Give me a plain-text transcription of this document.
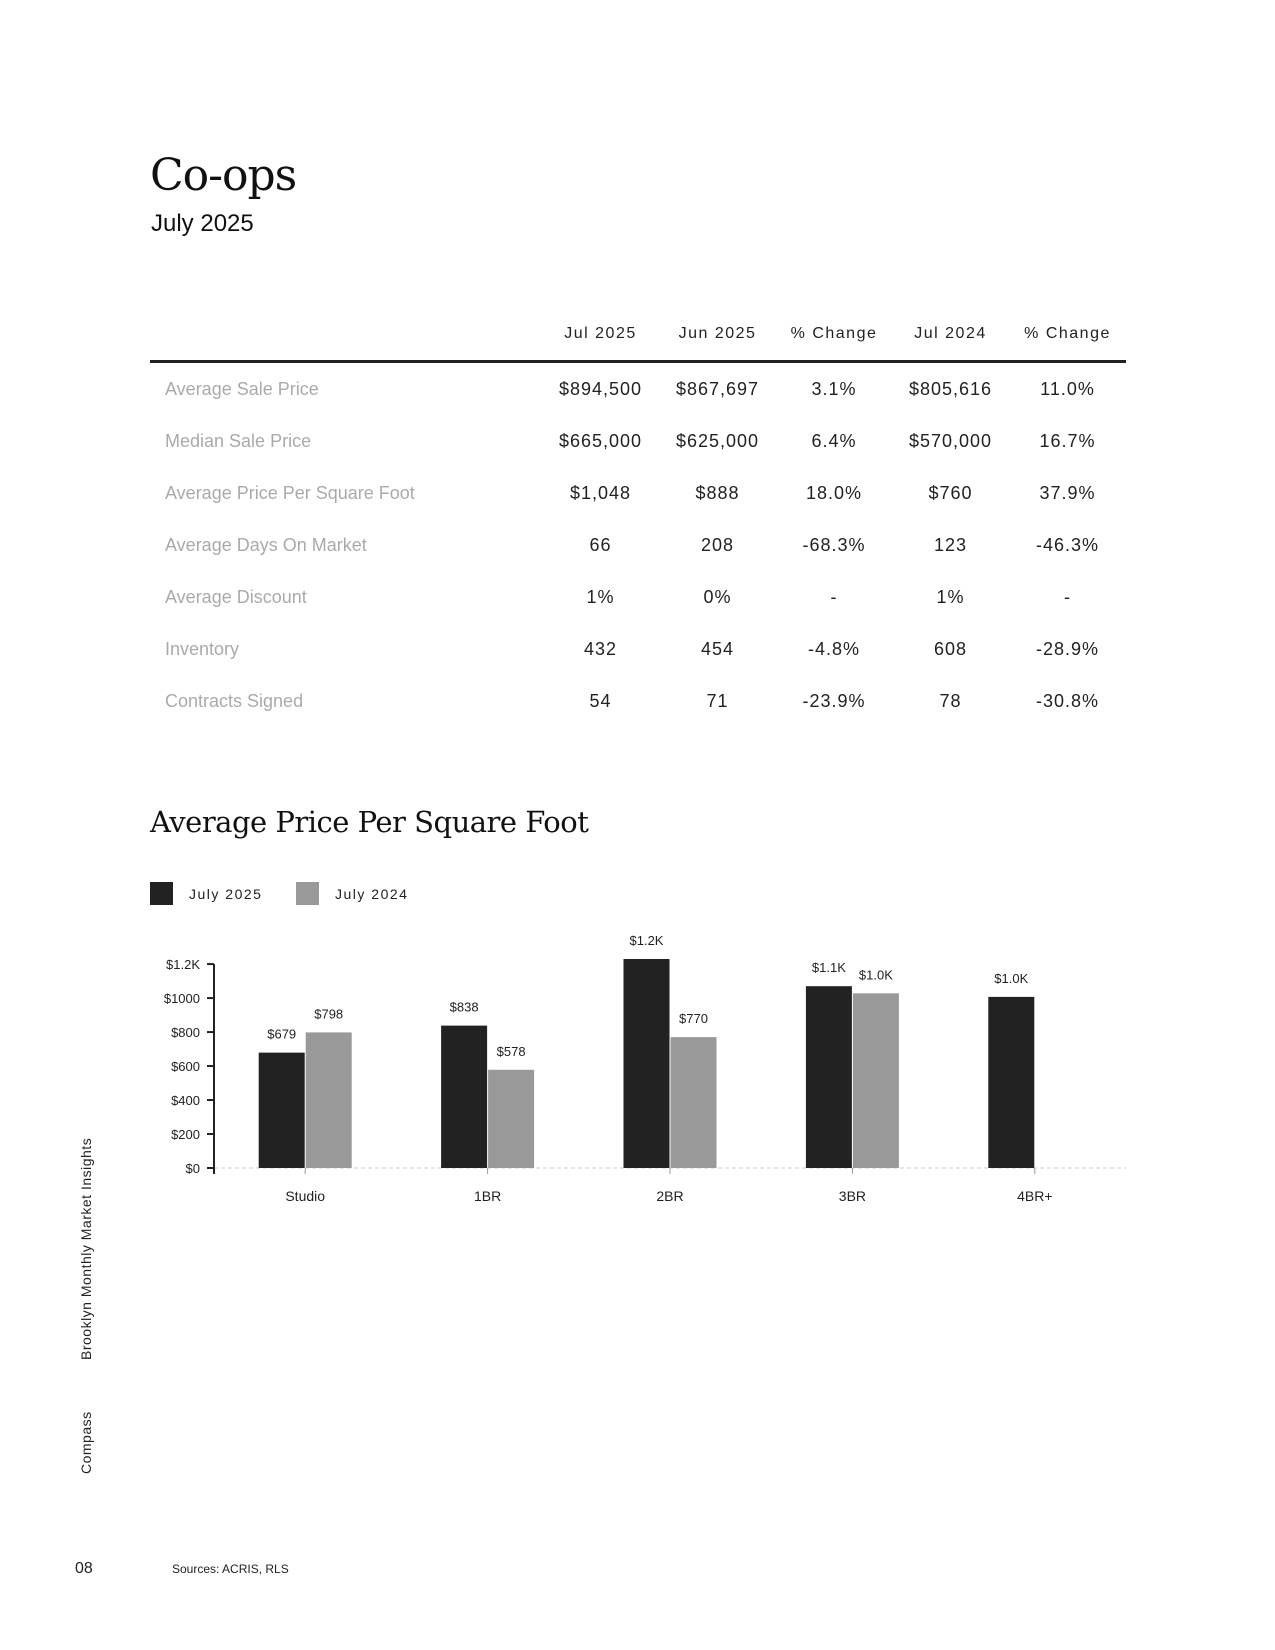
Co-ops
July 2025
	Jul 2025	Jun 2025	% Change	Jul 2024	% Change
Average Sale Price	$894,500	$867,697	3.1%	$805,616	11.0%
Median Sale Price	$665,000	$625,000	6.4%	$570,000	16.7%
Average Price Per Square Foot	$1,048	$888	18.0%	$760	37.9%
Average Days On Market	66	208	-68.3%	123	-46.3%
Average Discount	1%	0%	-	1%	-
Inventory	432	454	-4.8%	608	-28.9%
Contracts Signed	54	71	-23.9%	78	-30.8%
Average Price Per Square Foot
July 2025	July 2024
$0
$200
$400
$600
$800
$1000
$1.2K
Studio
$679
$798
1BR
$838
$578
2BR
$1.2K
$770
3BR
$1.1K $1.0K
4BR+
$1.0K
Brooklyn Monthly Market Insights
Compass
08	Sources: ACRIS, RLS
